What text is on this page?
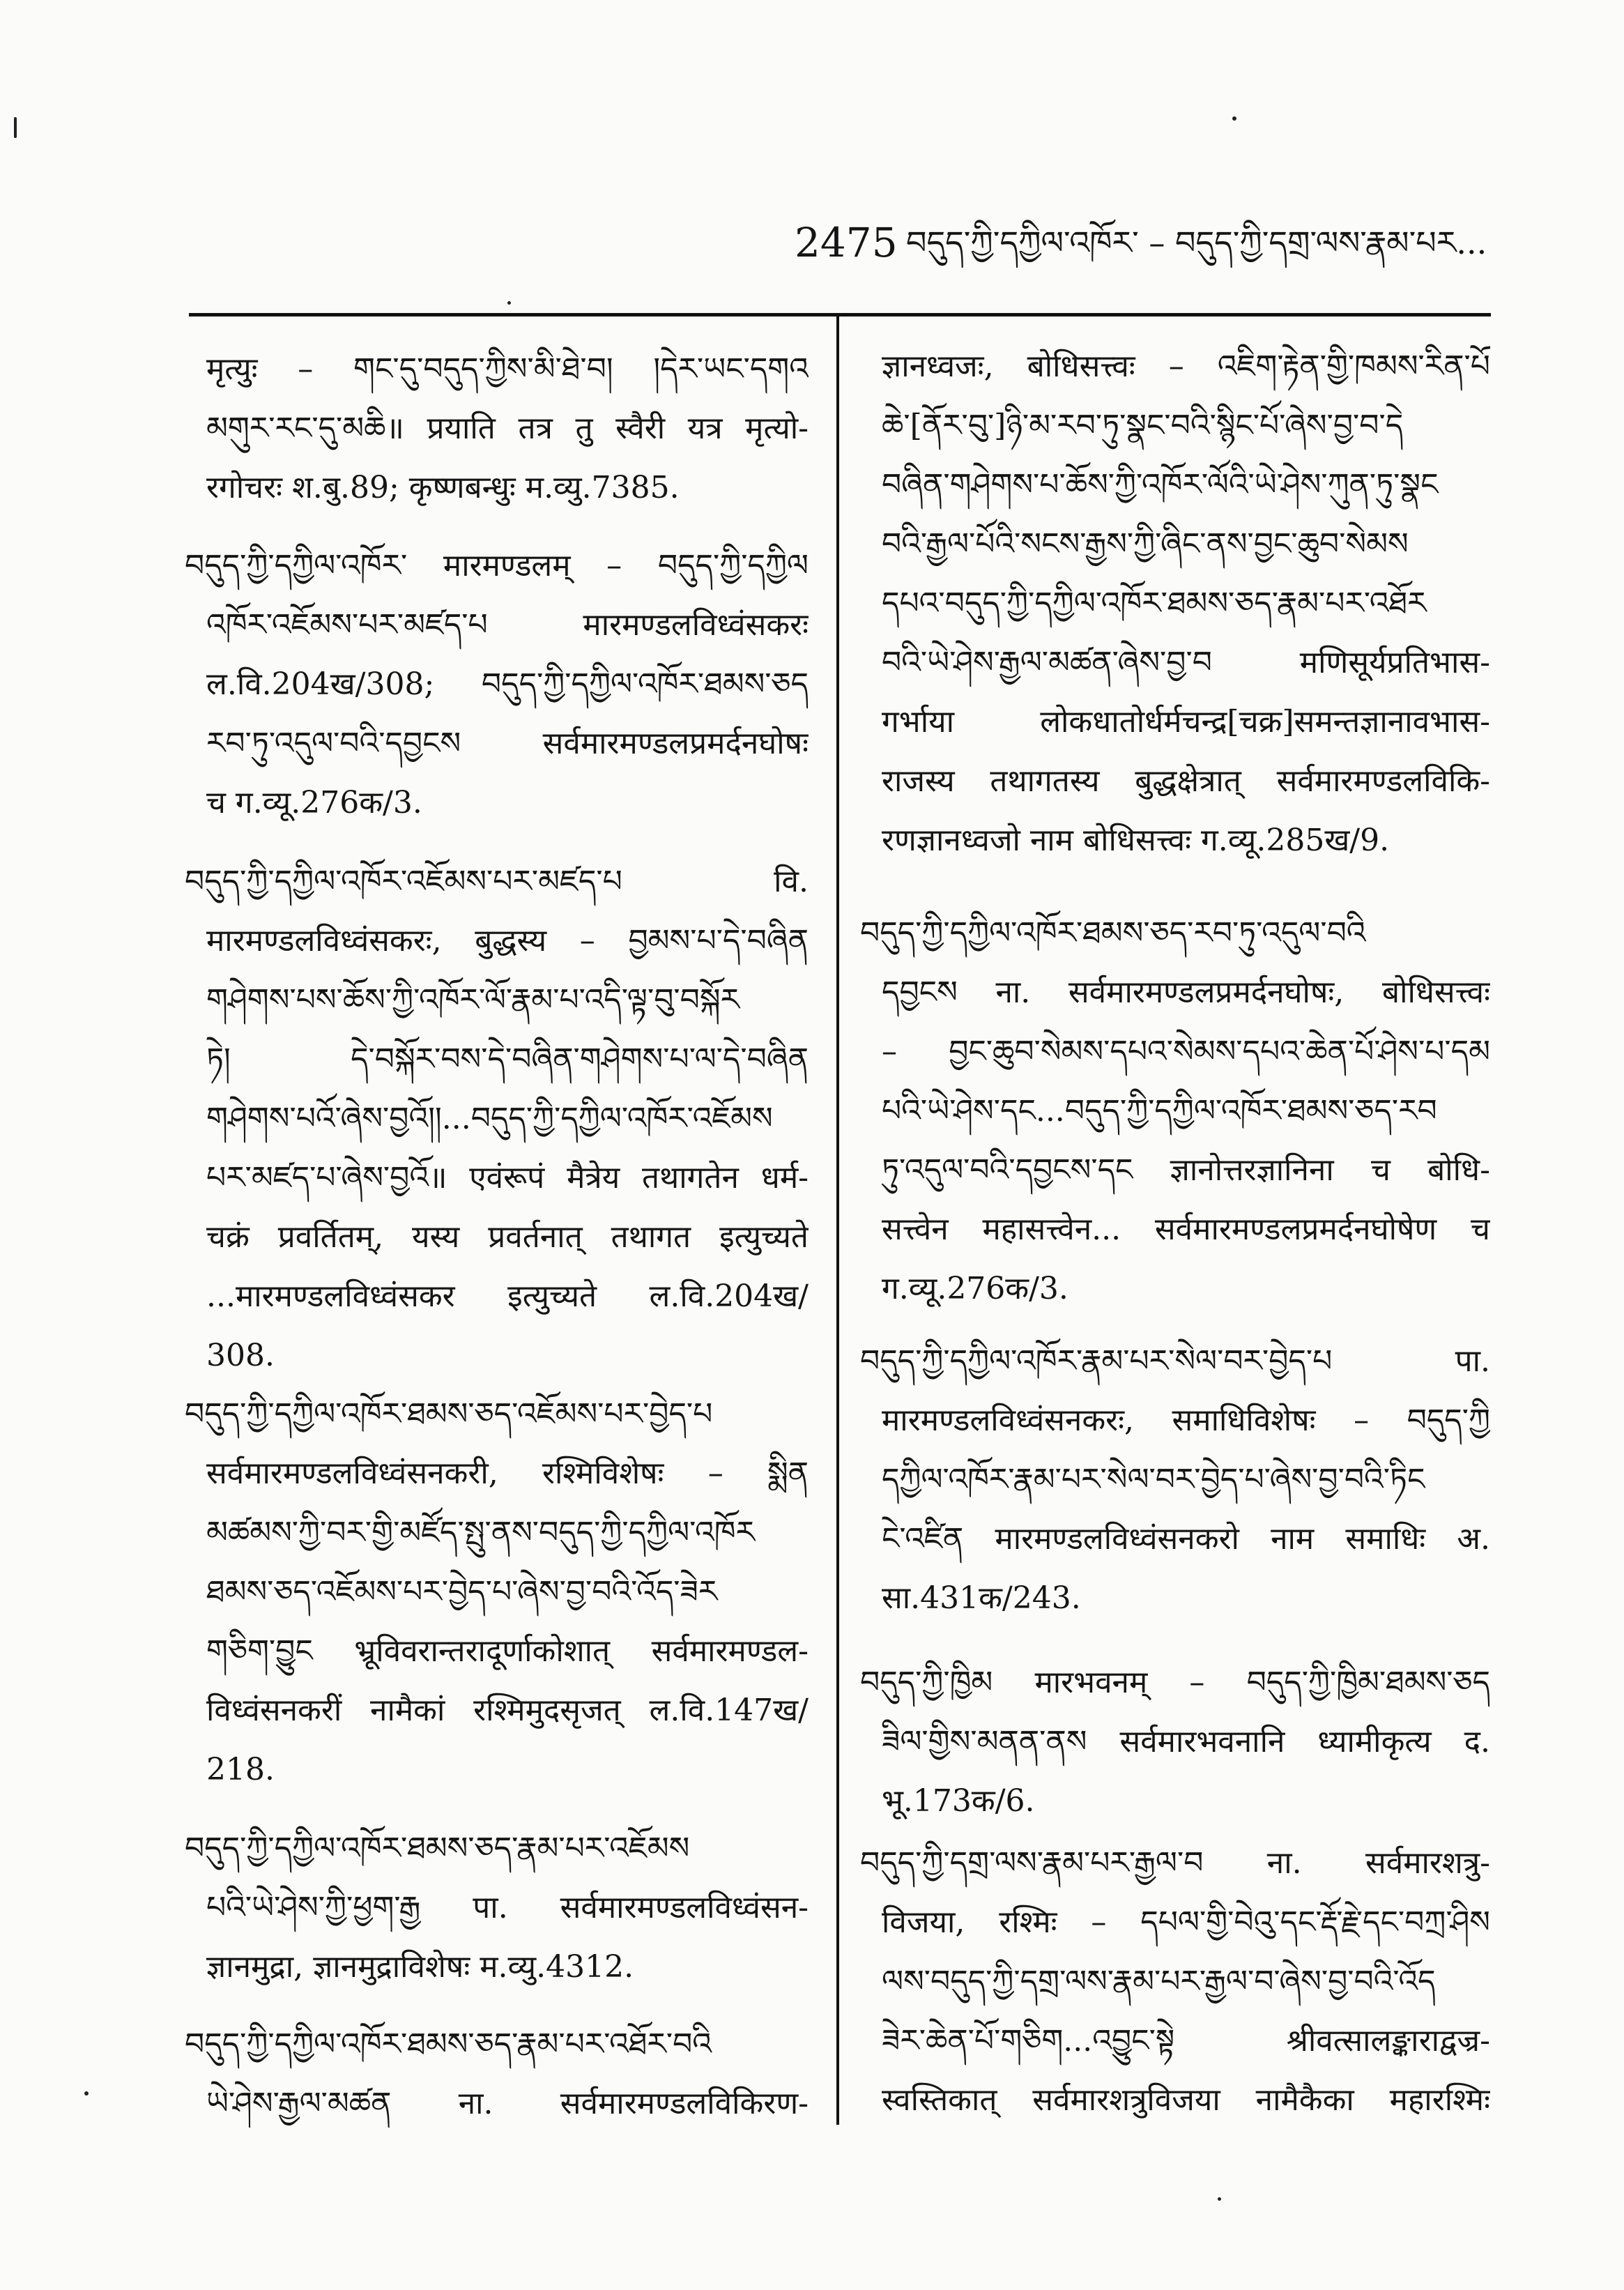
2475 བདུད་ཀྱི་དཀྱིལ་འཁོར་ – བདུད་ཀྱི་དགྲ་ལས་རྣམ་པར...
मृत्युः – གང་དུ་བདུད་ཀྱིས་མི་ཐེ་བ། །དེར་ཡང་དགའ
མགུར་རང་དུ་མཆི॥ प्रयाति तत्र तु स्वैरी यत्र मृत्यो-
रगोचरः श.बु.89; कृष्णबन्धुः म.व्यु.7385.
བདུད་ཀྱི་དཀྱིལ་འཁོར་ मारमण्डलम् – བདུད་ཀྱི་དཀྱིལ
འཁོར་འཇོམས་པར་མཛད་པ मारमण्डलविध्वंसकरः
ल.वि.204ख/308; བདུད་ཀྱི་དཀྱིལ་འཁོར་ཐམས་ཅད
རབ་ཏུ་འདུལ་བའི་དབྱངས सर्वमारमण्डलप्रमर्दनघोषः
च ग.व्यू.276क/3.
བདུད་ཀྱི་དཀྱིལ་འཁོར་འཇོམས་པར་མཛད་པ वि.
मारमण्डलविध्वंसकरः, बुद्धस्य – བྱམས་པ་དེ་བཞིན
གཤེགས་པས་ཆོས་ཀྱི་འཁོར་ལོ་རྣམ་པ་འདི་ལྟ་བུ་བསྐོར
ཏེ། དེ་བསྐོར་བས་དེ་བཞིན་གཤེགས་པ་ལ་དེ་བཞིན
གཤེགས་པའོ་ཞེས་བྱའོ།།...བདུད་ཀྱི་དཀྱིལ་འཁོར་འཇོམས
པར་མཛད་པ་ཞེས་བྱའོ॥ एवंरूपं मैत्रेय तथागतेन धर्म-
चक्रं प्रवर्तितम्, यस्य प्रवर्तनात् तथागत इत्युच्यते
...मारमण्डलविध्वंसकर इत्युच्यते ल.वि.204ख/
308.
བདུད་ཀྱི་དཀྱིལ་འཁོར་ཐམས་ཅད་འཇོམས་པར་བྱེད་པ
सर्वमारमण्डलविध्वंसनकरी, रश्मिविशेषः – སྨིན
མཚམས་ཀྱི་བར་གྱི་མཛོད་སྤུ་ནས་བདུད་ཀྱི་དཀྱིལ་འཁོར
ཐམས་ཅད་འཇོམས་པར་བྱེད་པ་ཞེས་བྱ་བའི་འོད་ཟེར
གཅིག་བྱུང भ्रूविवरान्तरादूर्णाकोशात् सर्वमारमण्डल-
विध्वंसनकरीं नामैकां रश्मिमुदसृजत् ल.वि.147ख/
218.
བདུད་ཀྱི་དཀྱིལ་འཁོར་ཐམས་ཅད་རྣམ་པར་འཇོམས
པའི་ཡེ་ཤེས་ཀྱི་ཕྱག་རྒྱ पा. सर्वमारमण्डलविध्वंसन-
ज्ञानमुद्रा, ज्ञानमुद्राविशेषः म.व्यु.4312.
བདུད་ཀྱི་དཀྱིལ་འཁོར་ཐམས་ཅད་རྣམ་པར་འཐོར་བའི
ཡེ་ཤེས་རྒྱལ་མཚན ना. सर्वमारमण्डलविकिरण-
ज्ञानध्वजः, बोधिसत्त्वः – འཇིག་རྟེན་གྱི་ཁམས་རིན་པོ
ཆེ་[ནོར་བུ་]ཉི་མ་རབ་ཏུ་སྣང་བའི་སྙིང་པོ་ཞེས་བྱ་བ་དེ
བཞིན་གཤེགས་པ་ཆོས་ཀྱི་འཁོར་ལོའི་ཡེ་ཤེས་ཀུན་ཏུ་སྣང
བའི་རྒྱལ་པོའི་སངས་རྒྱས་ཀྱི་ཞིང་ནས་བྱང་ཆུབ་སེམས
དཔའ་བདུད་ཀྱི་དཀྱིལ་འཁོར་ཐམས་ཅད་རྣམ་པར་འཐོར
བའི་ཡེ་ཤེས་རྒྱལ་མཚན་ཞེས་བྱ་བ मणिसूर्यप्रतिभास-
गर्भाया लोकधातोर्धर्मचन्द्र[चक्र]समन्तज्ञानावभास-
राजस्य तथागतस्य बुद्धक्षेत्रात् सर्वमारमण्डलविकि-
रणज्ञानध्वजो नाम बोधिसत्त्वः ग.व्यू.285ख/9.
བདུད་ཀྱི་དཀྱིལ་འཁོར་ཐམས་ཅད་རབ་ཏུ་འདུལ་བའི
དབྱངས ना. सर्वमारमण्डलप्रमर्दनघोषः, बोधिसत्त्वः
– བྱང་ཆུབ་སེམས་དཔའ་སེམས་དཔའ་ཆེན་པོ་ཤེས་པ་དམ
པའི་ཡེ་ཤེས་དང...བདུད་ཀྱི་དཀྱིལ་འཁོར་ཐམས་ཅད་རབ
ཏུ་འདུལ་བའི་དབྱངས་དང ज्ञानोत्तरज्ञानिना च बोधि-
सत्त्वेन महासत्त्वेन... सर्वमारमण्डलप्रमर्दनघोषेण च
ग.व्यू.276क/3.
བདུད་ཀྱི་དཀྱིལ་འཁོར་རྣམ་པར་སེལ་བར་བྱེད་པ पा.
मारमण्डलविध्वंसनकरः, समाधिविशेषः – བདུད་ཀྱི
དཀྱིལ་འཁོར་རྣམ་པར་སེལ་བར་བྱེད་པ་ཞེས་བྱ་བའི་ཏིང
ངེ་འཛིན मारमण्डलविध्वंसनकरो नाम समाधिः अ.
सा.431क/243.
བདུད་ཀྱི་ཁྱིམ मारभवनम् – བདུད་ཀྱི་ཁྱིམ་ཐམས་ཅད
ཟིལ་གྱིས་མནན་ནས सर्वमारभवनानि ध्यामीकृत्य द.
भू.173क/6.
བདུད་ཀྱི་དགྲ་ལས་རྣམ་པར་རྒྱལ་བ ना. सर्वमारशत्रु-
विजया, रश्मिः – དཔལ་གྱི་བེའུ་དང་རྡོ་རྗེ་དང་བཀྲ་ཤིས
ལས་བདུད་ཀྱི་དགྲ་ལས་རྣམ་པར་རྒྱལ་བ་ཞེས་བྱ་བའི་འོད
ཟེར་ཆེན་པོ་གཅིག...འབྱུང་སྟེ श्रीवत्सालङ्काराद्वज्र-
स्वस्तिकात् सर्वमारशत्रुविजया नामैकैका महारश्मिः
